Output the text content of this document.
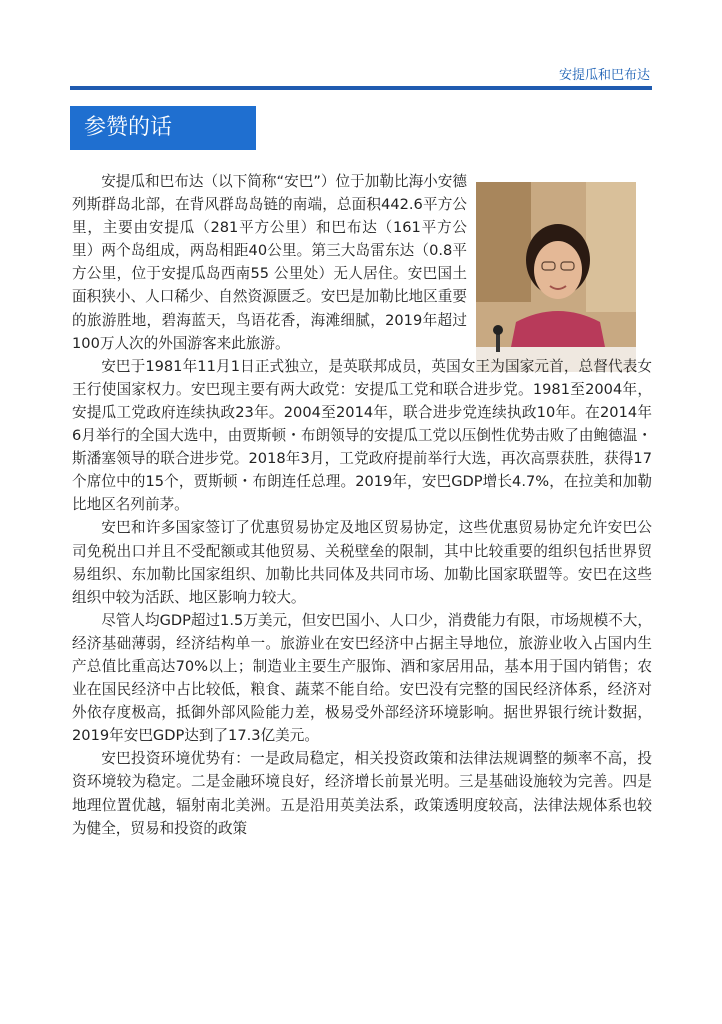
安提瓜和巴布达
参赞的话

安提瓜和巴布达（以下简称“安巴”）位于加勒比海小安德列斯群岛北部，在背风群岛岛链的南端，总面积442.6平方公里，主要由安提瓜（281平方公里）和巴布达（161平方公里）两个岛组成，两岛相距40公里。第三大岛雷东达（0.8平方公里，位于安提瓜岛西南55 公里处）无人居住。安巴国土面积狭小、人口稀少、自然资源匮乏。安巴是加勒比地区重要的旅游胜地，碧海蓝天，鸟语花香，海滩细腻，2019年超过100万人次的外国游客来此旅游。

安巴于1981年11月1日正式独立，是英联邦成员，英国女王为国家元首，总督代表女王行使国家权力。安巴现主要有两大政党：安提瓜工党和联合进步党。1981至2004年，安提瓜工党政府连续执政23年。2004至2014年，联合进步党连续执政10年。在2014年6月举行的全国大选中，由贾斯顿・布朗领导的安提瓜工党以压倒性优势击败了由鲍德温・斯潘塞领导的联合进步党。2018年3月，工党政府提前举行大选，再次高票获胜，获得17个席位中的15个，贾斯顿・布朗连任总理。2019年，安巴GDP增长4.7%，在拉美和加勒比地区名列前茅。

安巴和许多国家签订了优惠贸易协定及地区贸易协定，这些优惠贸易协定允许安巴公司免税出口并且不受配额或其他贸易、关税壁垒的限制，其中比较重要的组织包括世界贸易组织、东加勒比国家组织、加勒比共同体及共同市场、加勒比国家联盟等。安巴在这些组织中较为活跃、地区影响力较大。

尽管人均GDP超过1.5万美元，但安巴国小、人口少，消费能力有限，市场规模不大，经济基础薄弱，经济结构单一。旅游业在安巴经济中占据主导地位，旅游业收入占国内生产总值比重高达70%以上；制造业主要生产服饰、酒和家居用品，基本用于国内销售；农业在国民经济中占比较低，粮食、蔬菜不能自给。安巴没有完整的国民经济体系，经济对外依存度极高，抵御外部风险能力差，极易受外部经济环境影响。据世界银行统计数据，2019年安巴GDP达到了17.3亿美元。

安巴投资环境优势有：一是政局稳定，相关投资政策和法律法规调整的频率不高，投资环境较为稳定。二是金融环境良好，经济增长前景光明。三是基础设施较为完善。四是地理位置优越，辐射南北美洲。五是沿用英美法系，政策透明度较高，法律法规体系也较为健全，贸易和投资的政策
